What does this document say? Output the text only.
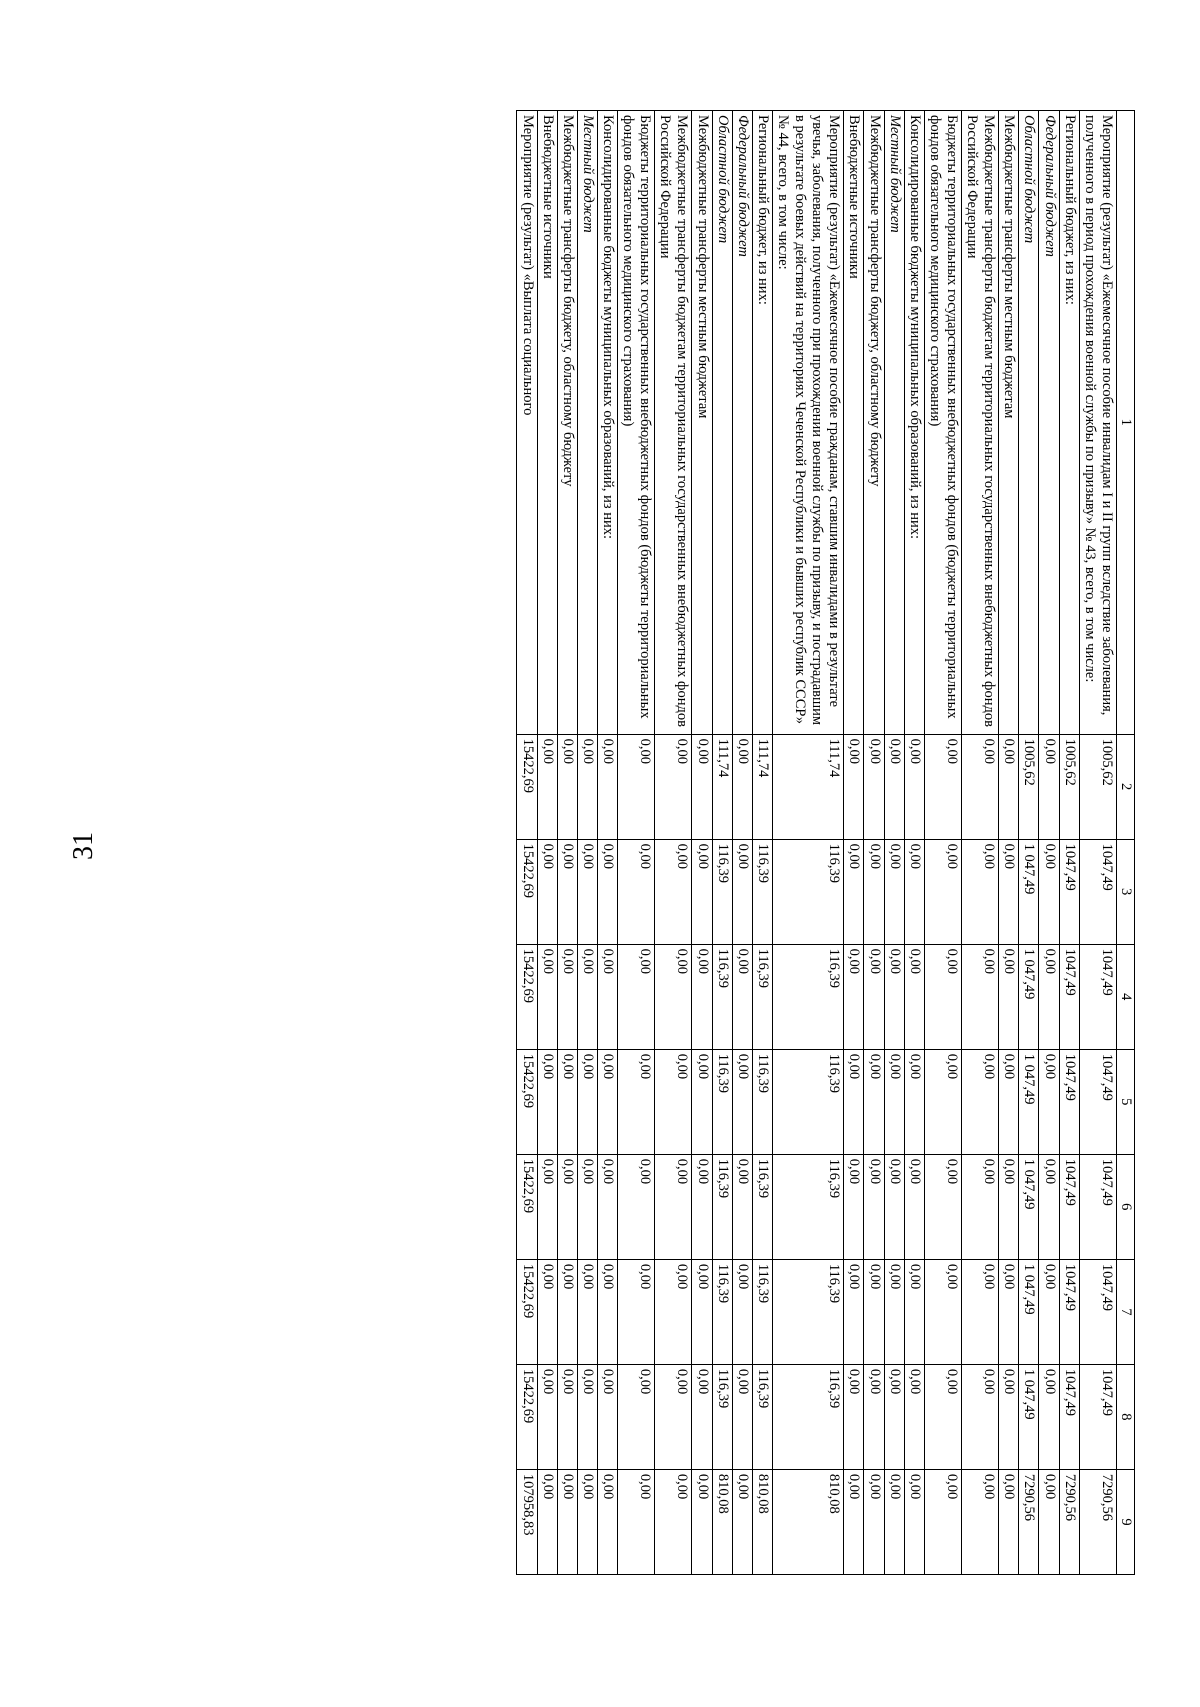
31
1	2	3	4	5	6	7	8	9
Мероприятие (результат) «Ежемесячное пособие инвалидам I и II групп вследствие заболевания, полученного в период прохождения военной службы по призыву» № 43, всего, в том числе:	1005,62	1047,49	1047,49	1047,49	1047,49	1047,49	1047,49	7290,56
Региональный бюджет, из них:	1005,62	1047,49	1047,49	1047,49	1047,49	1047,49	1047,49	7290,56
Федеральный бюджет	0,00	0,00	0,00	0,00	0,00	0,00	0,00	0,00
Областной бюджет	1005,62	1 047,49	1 047,49	1 047,49	1 047,49	1 047,49	1 047,49	7290,56
Межбюджетные трансферты местным бюджетам	0,00	0,00	0,00	0,00	0,00	0,00	0,00	0,00
Межбюджетные трансферты бюджетам территориальных государственных внебюджетных фондов Российской Федерации	0,00	0,00	0,00	0,00	0,00	0,00	0,00	0,00
Бюджеты территориальных государственных внебюджетных фондов (бюджеты территориальных фондов обязательного медицинского страхования)	0,00	0,00	0,00	0,00	0,00	0,00	0,00	0,00
Консолидированные бюджеты муниципальных образований, из них:	0,00	0,00	0,00	0,00	0,00	0,00	0,00	0,00
Местный бюджет	0,00	0,00	0,00	0,00	0,00	0,00	0,00	0,00
Межбюджетные трансферты бюджету, областному бюджету	0,00	0,00	0,00	0,00	0,00	0,00	0,00	0,00
Внебюджетные источники	0,00	0,00	0,00	0,00	0,00	0,00	0,00	0,00
Мероприятие (результат) «Ежемесячное пособие гражданам, ставшим инвалидами в результате увечья, заболевания, полученного при прохождении военной службы по призыву, и пострадавшим в результате боевых действий на территориях Чеченской Республики и бывших республик СССР» № 44, всего, в том числе:	111,74	116,39	116,39	116,39	116,39	116,39	116,39	810,08
Региональный бюджет, из них:	111,74	116,39	116,39	116,39	116,39	116,39	116,39	810,08
Федеральный бюджет	0,00	0,00	0,00	0,00	0,00	0,00	0,00	0,00
Областной бюджет	111,74	116,39	116,39	116,39	116,39	116,39	116,39	810,08
Межбюджетные трансферты местным бюджетам	0,00	0,00	0,00	0,00	0,00	0,00	0,00	0,00
Межбюджетные трансферты бюджетам территориальных государственных внебюджетных фондов Российской Федерации	0,00	0,00	0,00	0,00	0,00	0,00	0,00	0,00
Бюджеты территориальных государственных внебюджетных фондов (бюджеты территориальных фондов обязательного медицинского страхования)	0,00	0,00	0,00	0,00	0,00	0,00	0,00	0,00
Консолидированные бюджеты муниципальных образований, из них:	0,00	0,00	0,00	0,00	0,00	0,00	0,00	0,00
Местный бюджет	0,00	0,00	0,00	0,00	0,00	0,00	0,00	0,00
Межбюджетные трансферты бюджету, областному бюджету	0,00	0,00	0,00	0,00	0,00	0,00	0,00	0,00
Внебюджетные источники	0,00	0,00	0,00	0,00	0,00	0,00	0,00	0,00
Мероприятие (результат) «Выплата социального	15422,69	15422,69	15422,69	15422,69	15422,69	15422,69	15422,69	107958,83
